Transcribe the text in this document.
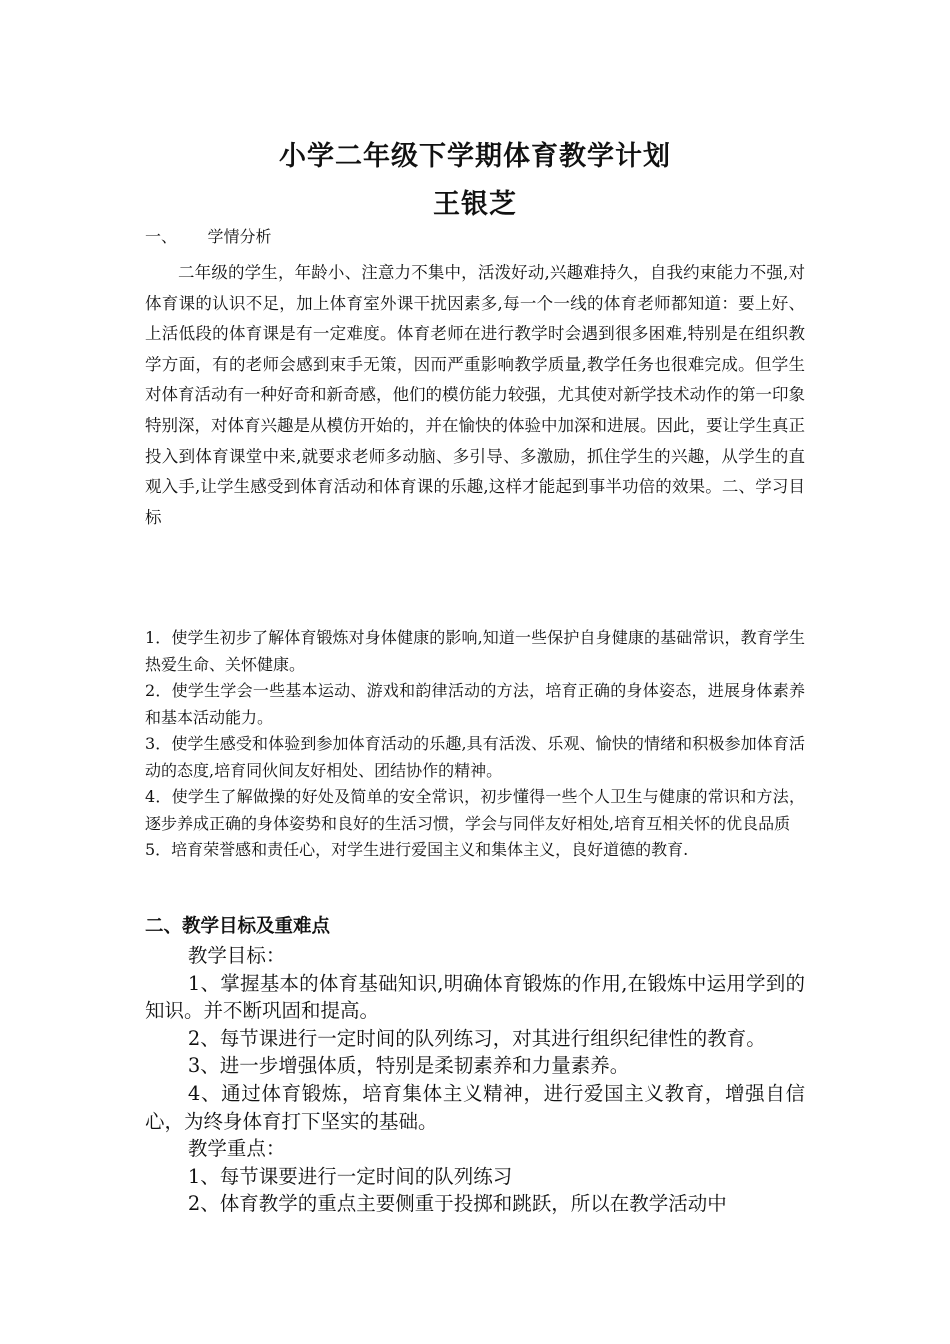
小学二年级下学期体育教学计划
王银芝
一、      学情分析

二年级的学生，年龄小、注意力不集中，活泼好动,兴趣难持久，自我约束能力不强,对体育课的认识不足，加上体育室外课干扰因素多,每一个一线的体育老师都知道：要上好、上活低段的体育课是有一定难度。体育老师在进行教学时会遇到很多困难,特别是在组织教学方面，有的老师会感到束手无策，因而严重影响教学质量,教学任务也很难完成。但学生对体育活动有一种好奇和新奇感，他们的模仿能力较强，尤其使对新学技术动作的第一印象特别深，对体育兴趣是从模仿开始的，并在愉快的体验中加深和进展。因此，要让学生真正投入到体育课堂中来,就要求老师多动脑、多引导、多激励，抓住学生的兴趣，从学生的直观入手,让学生感受到体育活动和体育课的乐趣,这样才能起到事半功倍的效果。二、学习目标

1．使学生初步了解体育锻炼对身体健康的影响,知道一些保护自身健康的基础常识，教育学生热爱生命、关怀健康。
2．使学生学会一些基本运动、游戏和韵律活动的方法，培育正确的身体姿态，进展身体素养和基本活动能力。
3．使学生感受和体验到参加体育活动的乐趣,具有活泼、乐观、愉快的情绪和积极参加体育活动的态度,培育同伙间友好相处、团结协作的精神。
4．使学生了解做操的好处及简单的安全常识，初步懂得一些个人卫生与健康的常识和方法，逐步养成正确的身体姿势和良好的生活习惯，学会与同伴友好相处,培育互相关怀的优良品质
5．培育荣誉感和责任心，对学生进行爱国主义和集体主义，良好道德的教育.
二、教学目标及重难点

教学目标：

1、掌握基本的体育基础知识,明确体育锻炼的作用,在锻炼中运用学到的知识。并不断巩固和提高。

2、每节课进行一定时间的队列练习，对其进行组织纪律性的教育。

3、进一步增强体质，特别是柔韧素养和力量素养。

4、通过体育锻炼，培育集体主义精神，进行爱国主义教育，增强自信心，为终身体育打下坚实的基础。

教学重点：

1、每节课要进行一定时间的队列练习

2、体育教学的重点主要侧重于投掷和跳跃，所以在教学活动中
